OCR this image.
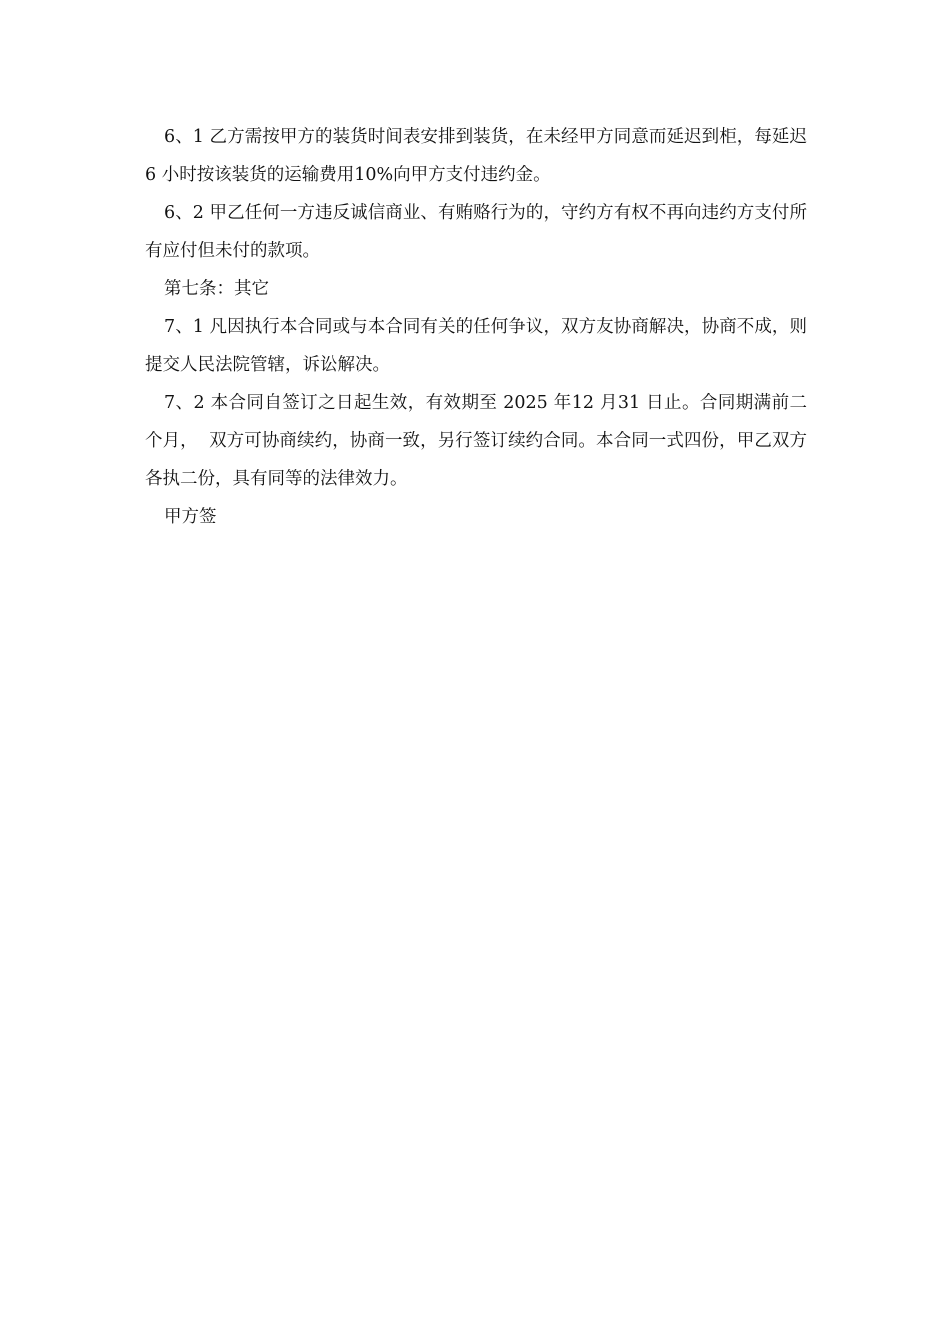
6、1 乙方需按甲方的装货时间表安排到装货，在未经甲方同意而延迟到柜，每延迟 6 小时按该装货的运输费用10%向甲方支付违约金。

6、2 甲乙任何一方违反诚信商业、有贿赂行为的，守约方有权不再向违约方支付所有应付但未付的款项。

第七条：其它

7、1 凡因执行本合同或与本合同有关的任何争议，双方友协商解决，协商不成，则提交人民法院管辖，诉讼解决。

7、2 本合同自签订之日起生效，有效期至 2025 年12 月31 日止。合同期满前二个月，  双方可协商续约，协商一致，另行签订续约合同。本合同一式四份，甲乙双方各执二份，具有同等的法律效力。

甲方签
